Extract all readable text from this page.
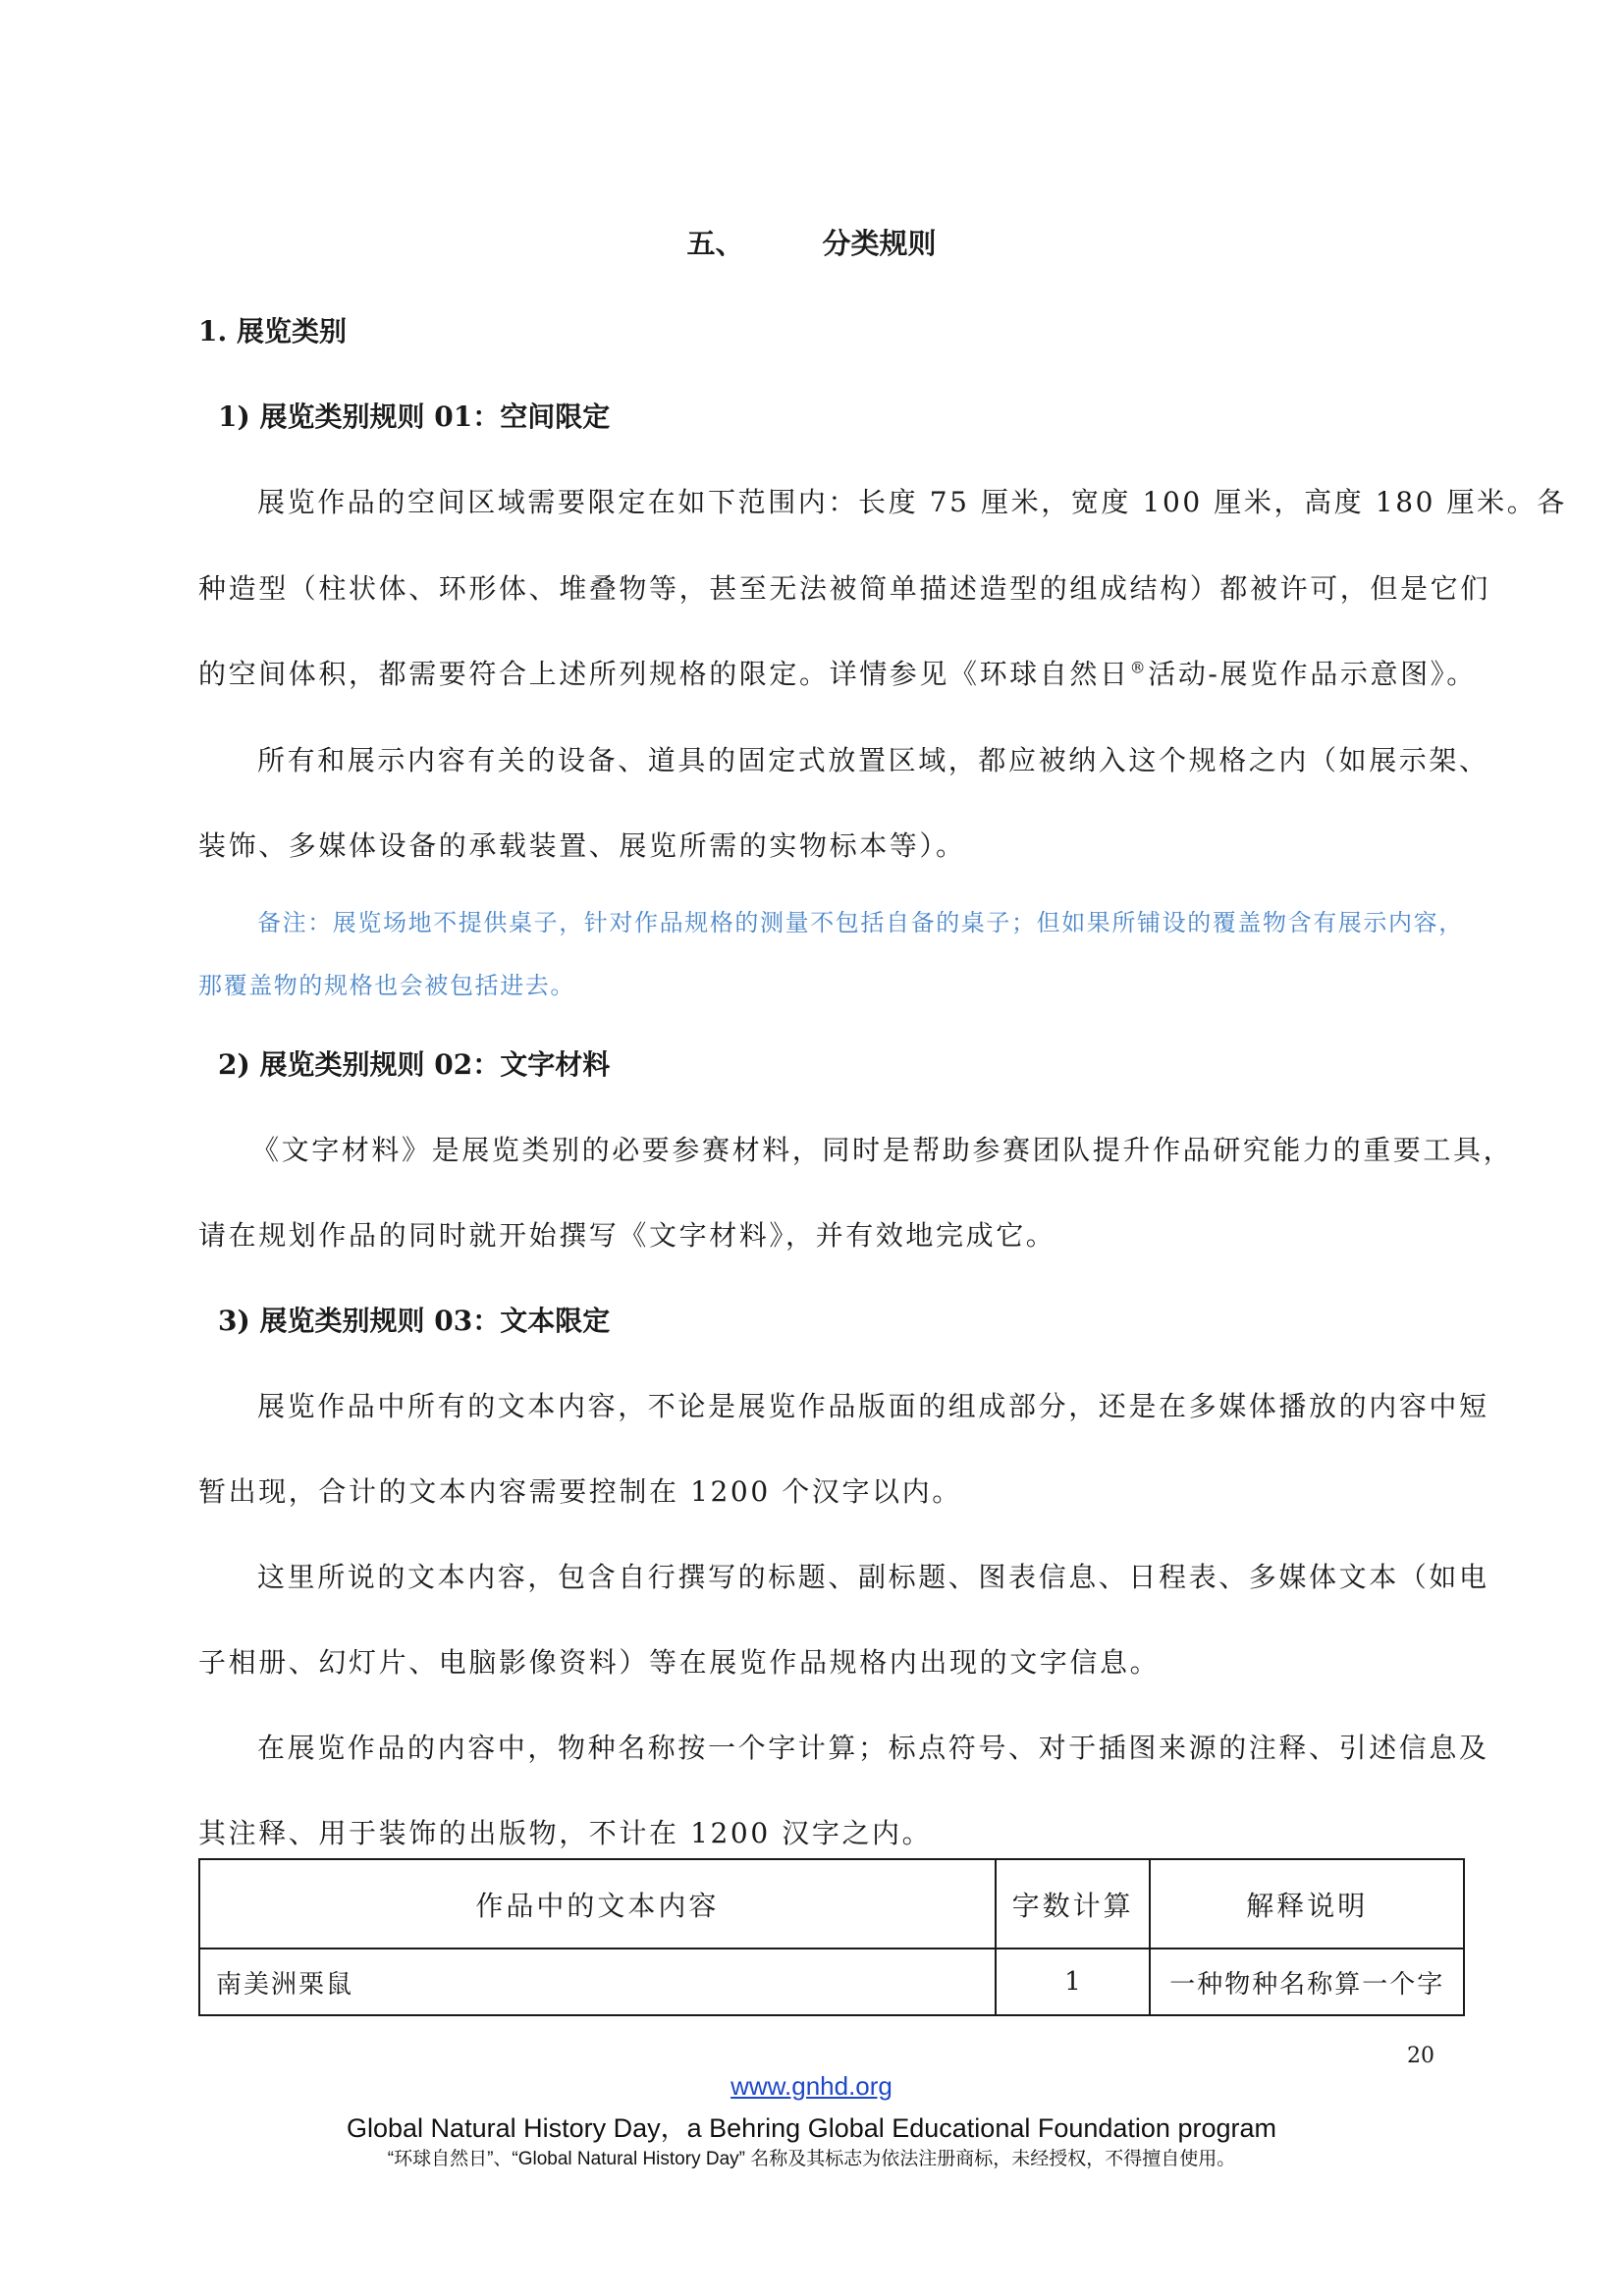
五、	分类规则
1. 展览类别
1) 展览类别规则 01：空间限定
展览作品的空间区域需要限定在如下范围内：长度 75 厘米，宽度 100 厘米，高度 180 厘米。各
种造型（柱状体、环形体、堆叠物等，甚至无法被简单描述造型的组成结构）都被许可，但是它们
的空间体积，都需要符合上述所列规格的限定。详情参见《环球自然日®活动-展览作品示意图》。
所有和展示内容有关的设备、道具的固定式放置区域，都应被纳入这个规格之内（如展示架、
装饰、多媒体设备的承载装置、展览所需的实物标本等）。
备注：展览场地不提供桌子，针对作品规格的测量不包括自备的桌子；但如果所铺设的覆盖物含有展示内容，
那覆盖物的规格也会被包括进去。
2) 展览类别规则 02：文字材料
《文字材料》是展览类别的必要参赛材料，同时是帮助参赛团队提升作品研究能力的重要工具，
请在规划作品的同时就开始撰写《文字材料》，并有效地完成它。
3) 展览类别规则 03：文本限定
展览作品中所有的文本内容，不论是展览作品版面的组成部分，还是在多媒体播放的内容中短
暂出现，合计的文本内容需要控制在 1200 个汉字以内。
这里所说的文本内容，包含自行撰写的标题、副标题、图表信息、日程表、多媒体文本（如电
子相册、幻灯片、电脑影像资料）等在展览作品规格内出现的文字信息。
在展览作品的内容中，物种名称按一个字计算；标点符号、对于插图来源的注释、引述信息及
其注释、用于装饰的出版物，不计在 1200 汉字之内。
作品中的文本内容	字数计算	解释说明
南美洲栗鼠	1	一种物种名称算一个字
20
www.gnhd.org
Global Natural History Day，a Behring Global Educational Foundation program
“环球自然日”、“Global Natural History Day” 名称及其标志为依法注册商标，未经授权，不得擅自使用。
